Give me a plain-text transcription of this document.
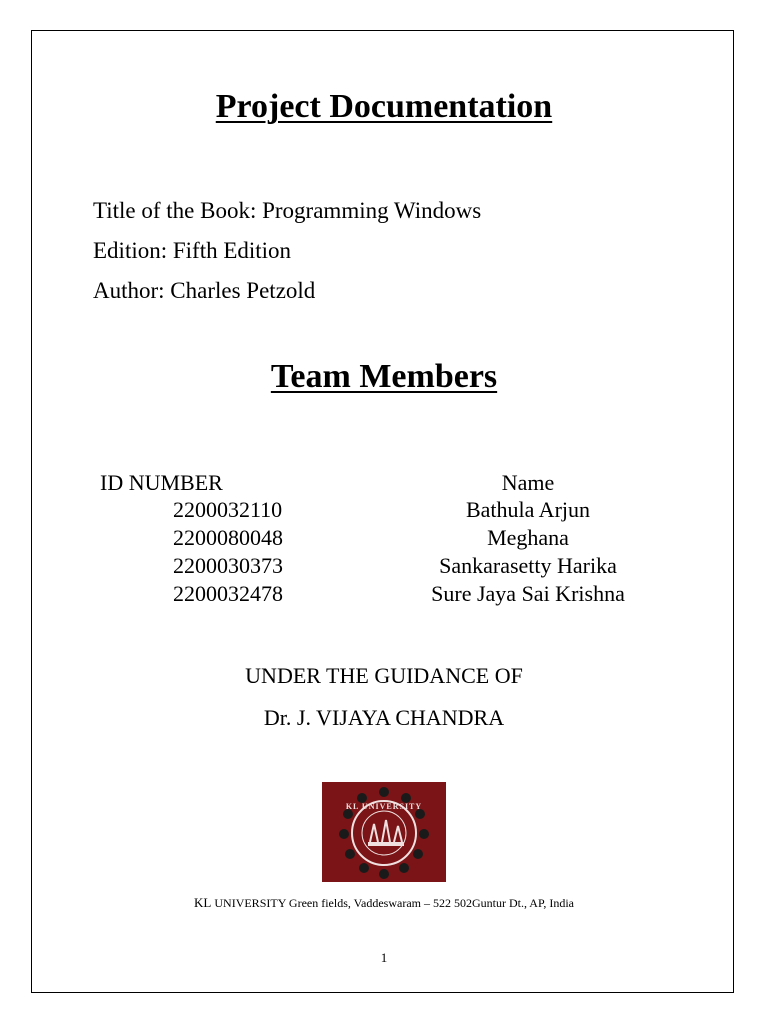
Project Documentation
Title of the Book: Programming Windows
Edition: Fifth Edition
Author: Charles Petzold
Team Members
ID NUMBER	Name
2200032110	Bathula Arjun
2200080048	Meghana
2200030373	Sankarasetty Harika
2200032478	Sure Jaya Sai Krishna
UNDER THE GUIDANCE OF
Dr. J. VIJAYA CHANDRA
KL UNIVERSITY
KL UNIVERSITY Green fields, Vaddeswaram – 522 502Guntur Dt., AP, India
1
